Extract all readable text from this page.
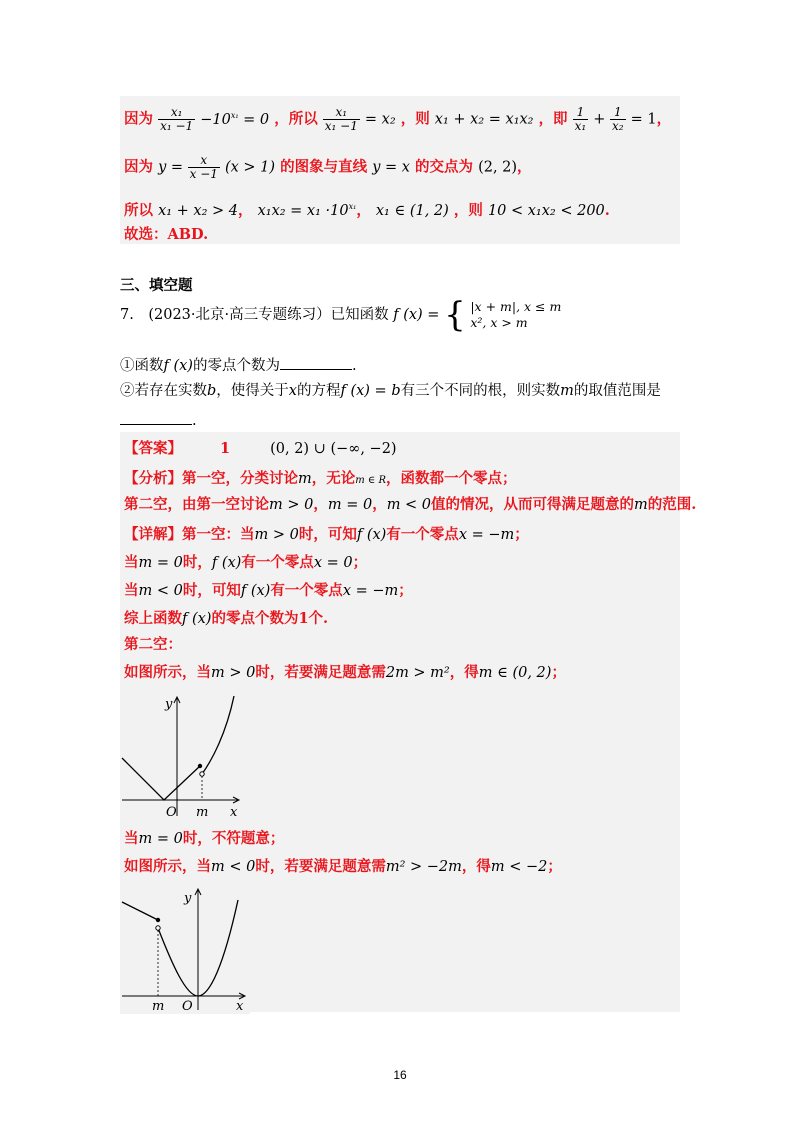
因为 $\frac{\text{x₁}}{\text{x₁ −1}} -10^{x_1} = 0$ ，所以 $\frac{\text{x₁}}{\text{x₁ −1}} = x_2$ ，则 x₁ + x₂ = x₁x₂ ，即 $\frac{1}{\text{x₁}} + \frac{1}{\text{x₂}} = 1$，
因为 $y = \frac{x}{x -1} (x > 1)$ 的图象与直线 y = x 的交点为 (2, 2)，
所以 x₁ + x₂ > 4， $x_1x_2 = x_1 \cdot 10^{x_1}$， x₁ ∈ (1, 2) ，则 10 < x₁x₂ < 200.
故选：ABD.
三、填空题
7.　(2023·北京·高三专题练习）已知函数 f (x) = { |x + m|, x ≤ m
x², x > m
①函数f (x)的零点个数为	.
②若存在实数b，使得关于x的方程f (x) = b有三个不同的根，则实数m的取值范围是
.
【答案】	1	(0, 2) ∪ (−∞, −2)
【分析】第一空，分类讨论m，无论m ∈ R，函数都一个零点；
第二空，由第一空讨论m > 0，m = 0，m < 0值的情况，从而可得满足题意的m的范围.
【详解】第一空：当m > 0时，可知f (x)有一个零点x = −m；
当m = 0时，f (x)有一个零点x = 0；
当m < 0时，可知f (x)有一个零点x = −m；
综上函数f (x)的零点个数为1个.
第二空：
如图所示，当m > 0时，若要满足题意需2m > m²，得m ∈ (0, 2)；
y
O m x
当m = 0时，不符题意；
如图所示，当m < 0时，若要满足题意需m² > −2m，得m < −2；
y
O
m	x
16
